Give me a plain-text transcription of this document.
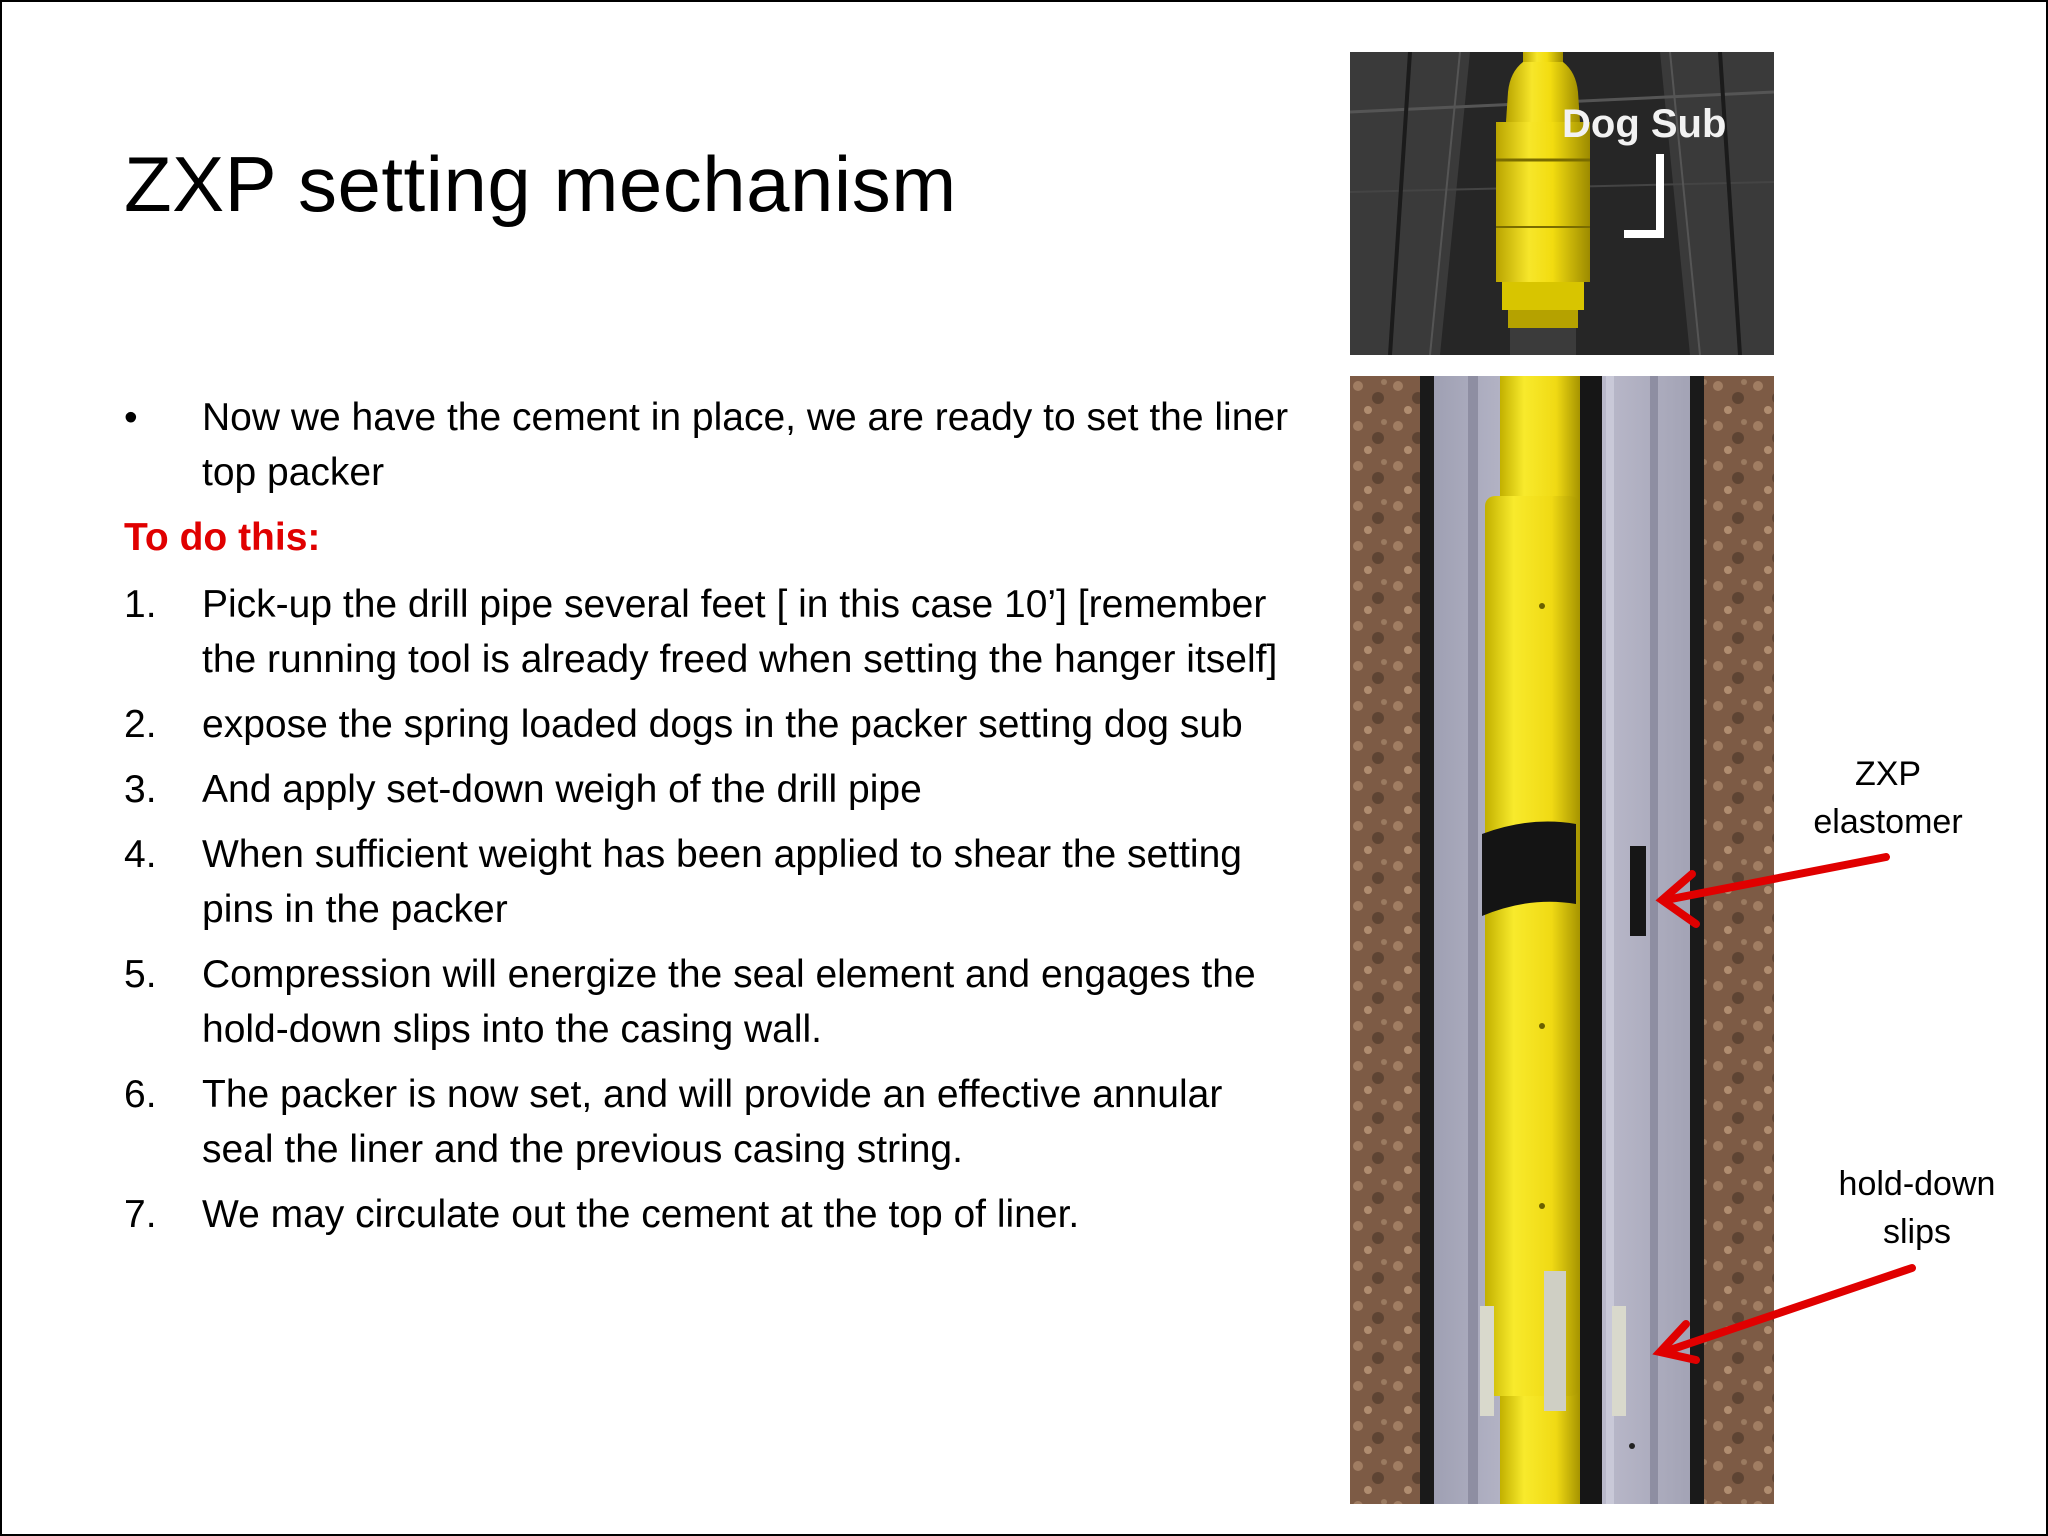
ZXP setting mechanism
• Now we have the cement in place, we are ready to set the liner top packer
To do this:
1. Pick-up the drill pipe several feet [ in this case 10’] [remember the running tool is already freed when setting the hanger itself]
2. expose the spring loaded dogs in the packer setting dog sub
3. And apply set-down weigh of the drill pipe
4. When sufficient weight has been applied to shear the setting pins in the packer
5. Compression will energize the seal element and engages the hold-down slips into the casing wall.
6. The packer is now set, and will provide an effective annular seal the liner and the previous casing string.
7. We may circulate out the cement at the top of liner.
Dog Sub
ZXP
elastomer
hold-down
slips
